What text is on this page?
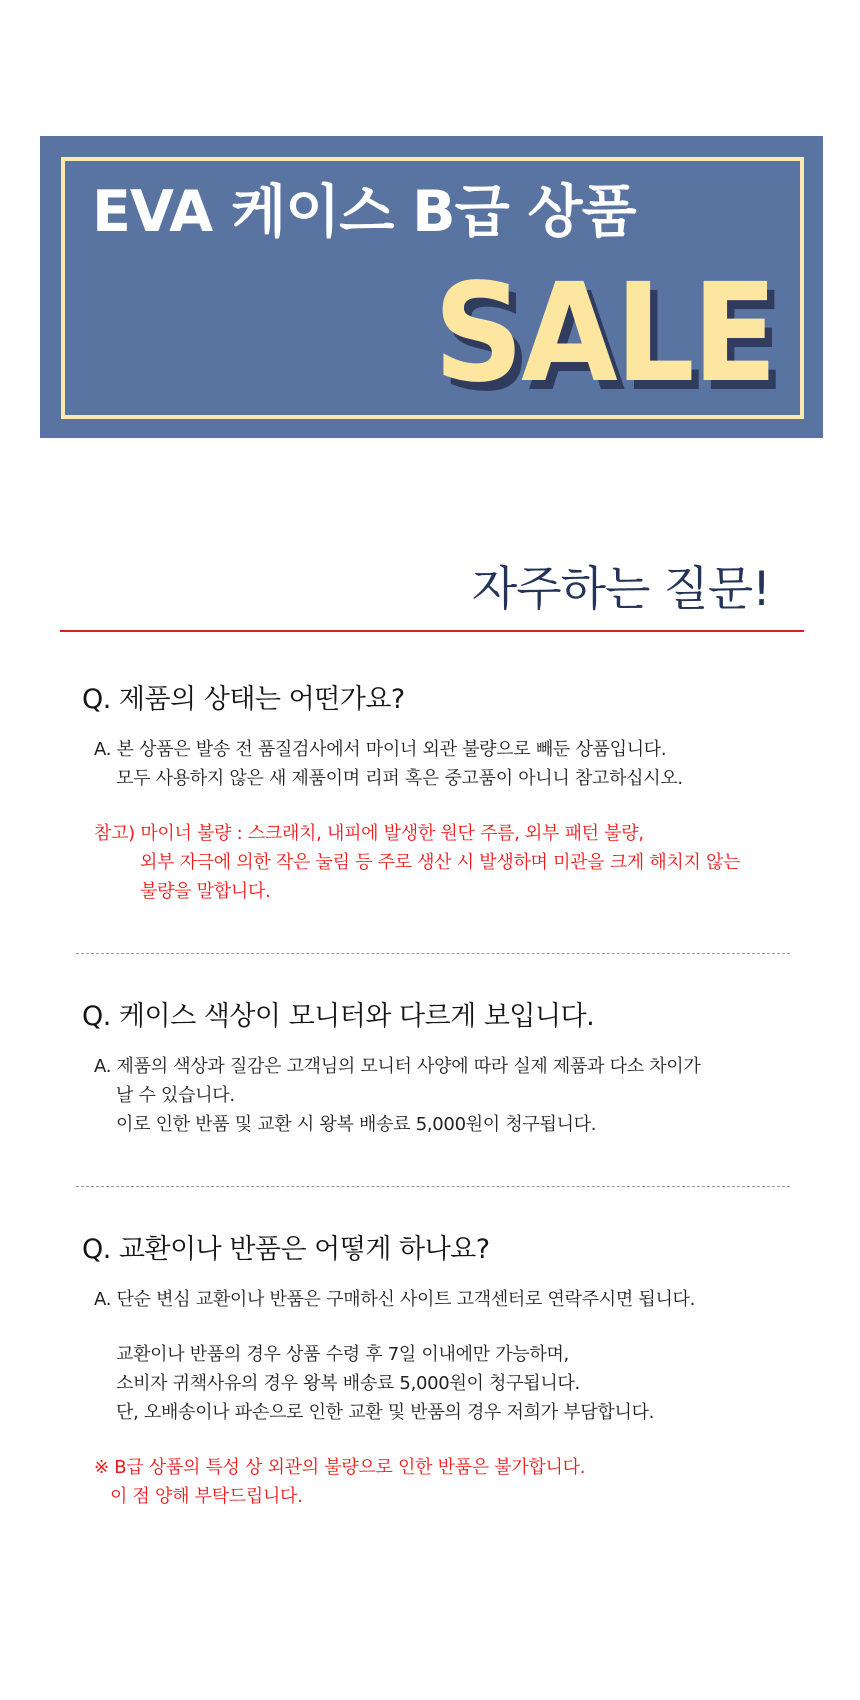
EVA 케이스 B급 상품
SALE
자주하는 질문!
Q. 제품의 상태는 어떤가요?
A. 본 상품은 발송 전 품질검사에서 마이너 외관 불량으로 빼둔 상품입니다.
모두 사용하지 않은 새 제품이며 리퍼 혹은 중고품이 아니니 참고하십시오.
참고) 마이너 불량 : 스크래치, 내피에 발생한 원단 주름, 외부 패턴 불량,
외부 자극에 의한 작은 눌림 등 주로 생산 시 발생하며 미관을 크게 해치지 않는
불량을 말합니다.
Q. 케이스 색상이 모니터와 다르게 보입니다.
A. 제품의 색상과 질감은 고객님의 모니터 사양에 따라 실제 제품과 다소 차이가
날 수 있습니다.
이로 인한 반품 및 교환 시 왕복 배송료 5,000원이 청구됩니다.
Q. 교환이나 반품은 어떻게 하나요?
A. 단순 변심 교환이나 반품은 구매하신 사이트 고객센터로 연락주시면 됩니다.
교환이나 반품의 경우 상품 수령 후 7일 이내에만 가능하며,
소비자 귀책사유의 경우 왕복 배송료 5,000원이 청구됩니다.
단, 오배송이나 파손으로 인한 교환 및 반품의 경우 저희가 부담합니다.
※ B급 상품의 특성 상 외관의 불량으로 인한 반품은 불가합니다.
이 점 양해 부탁드립니다.
